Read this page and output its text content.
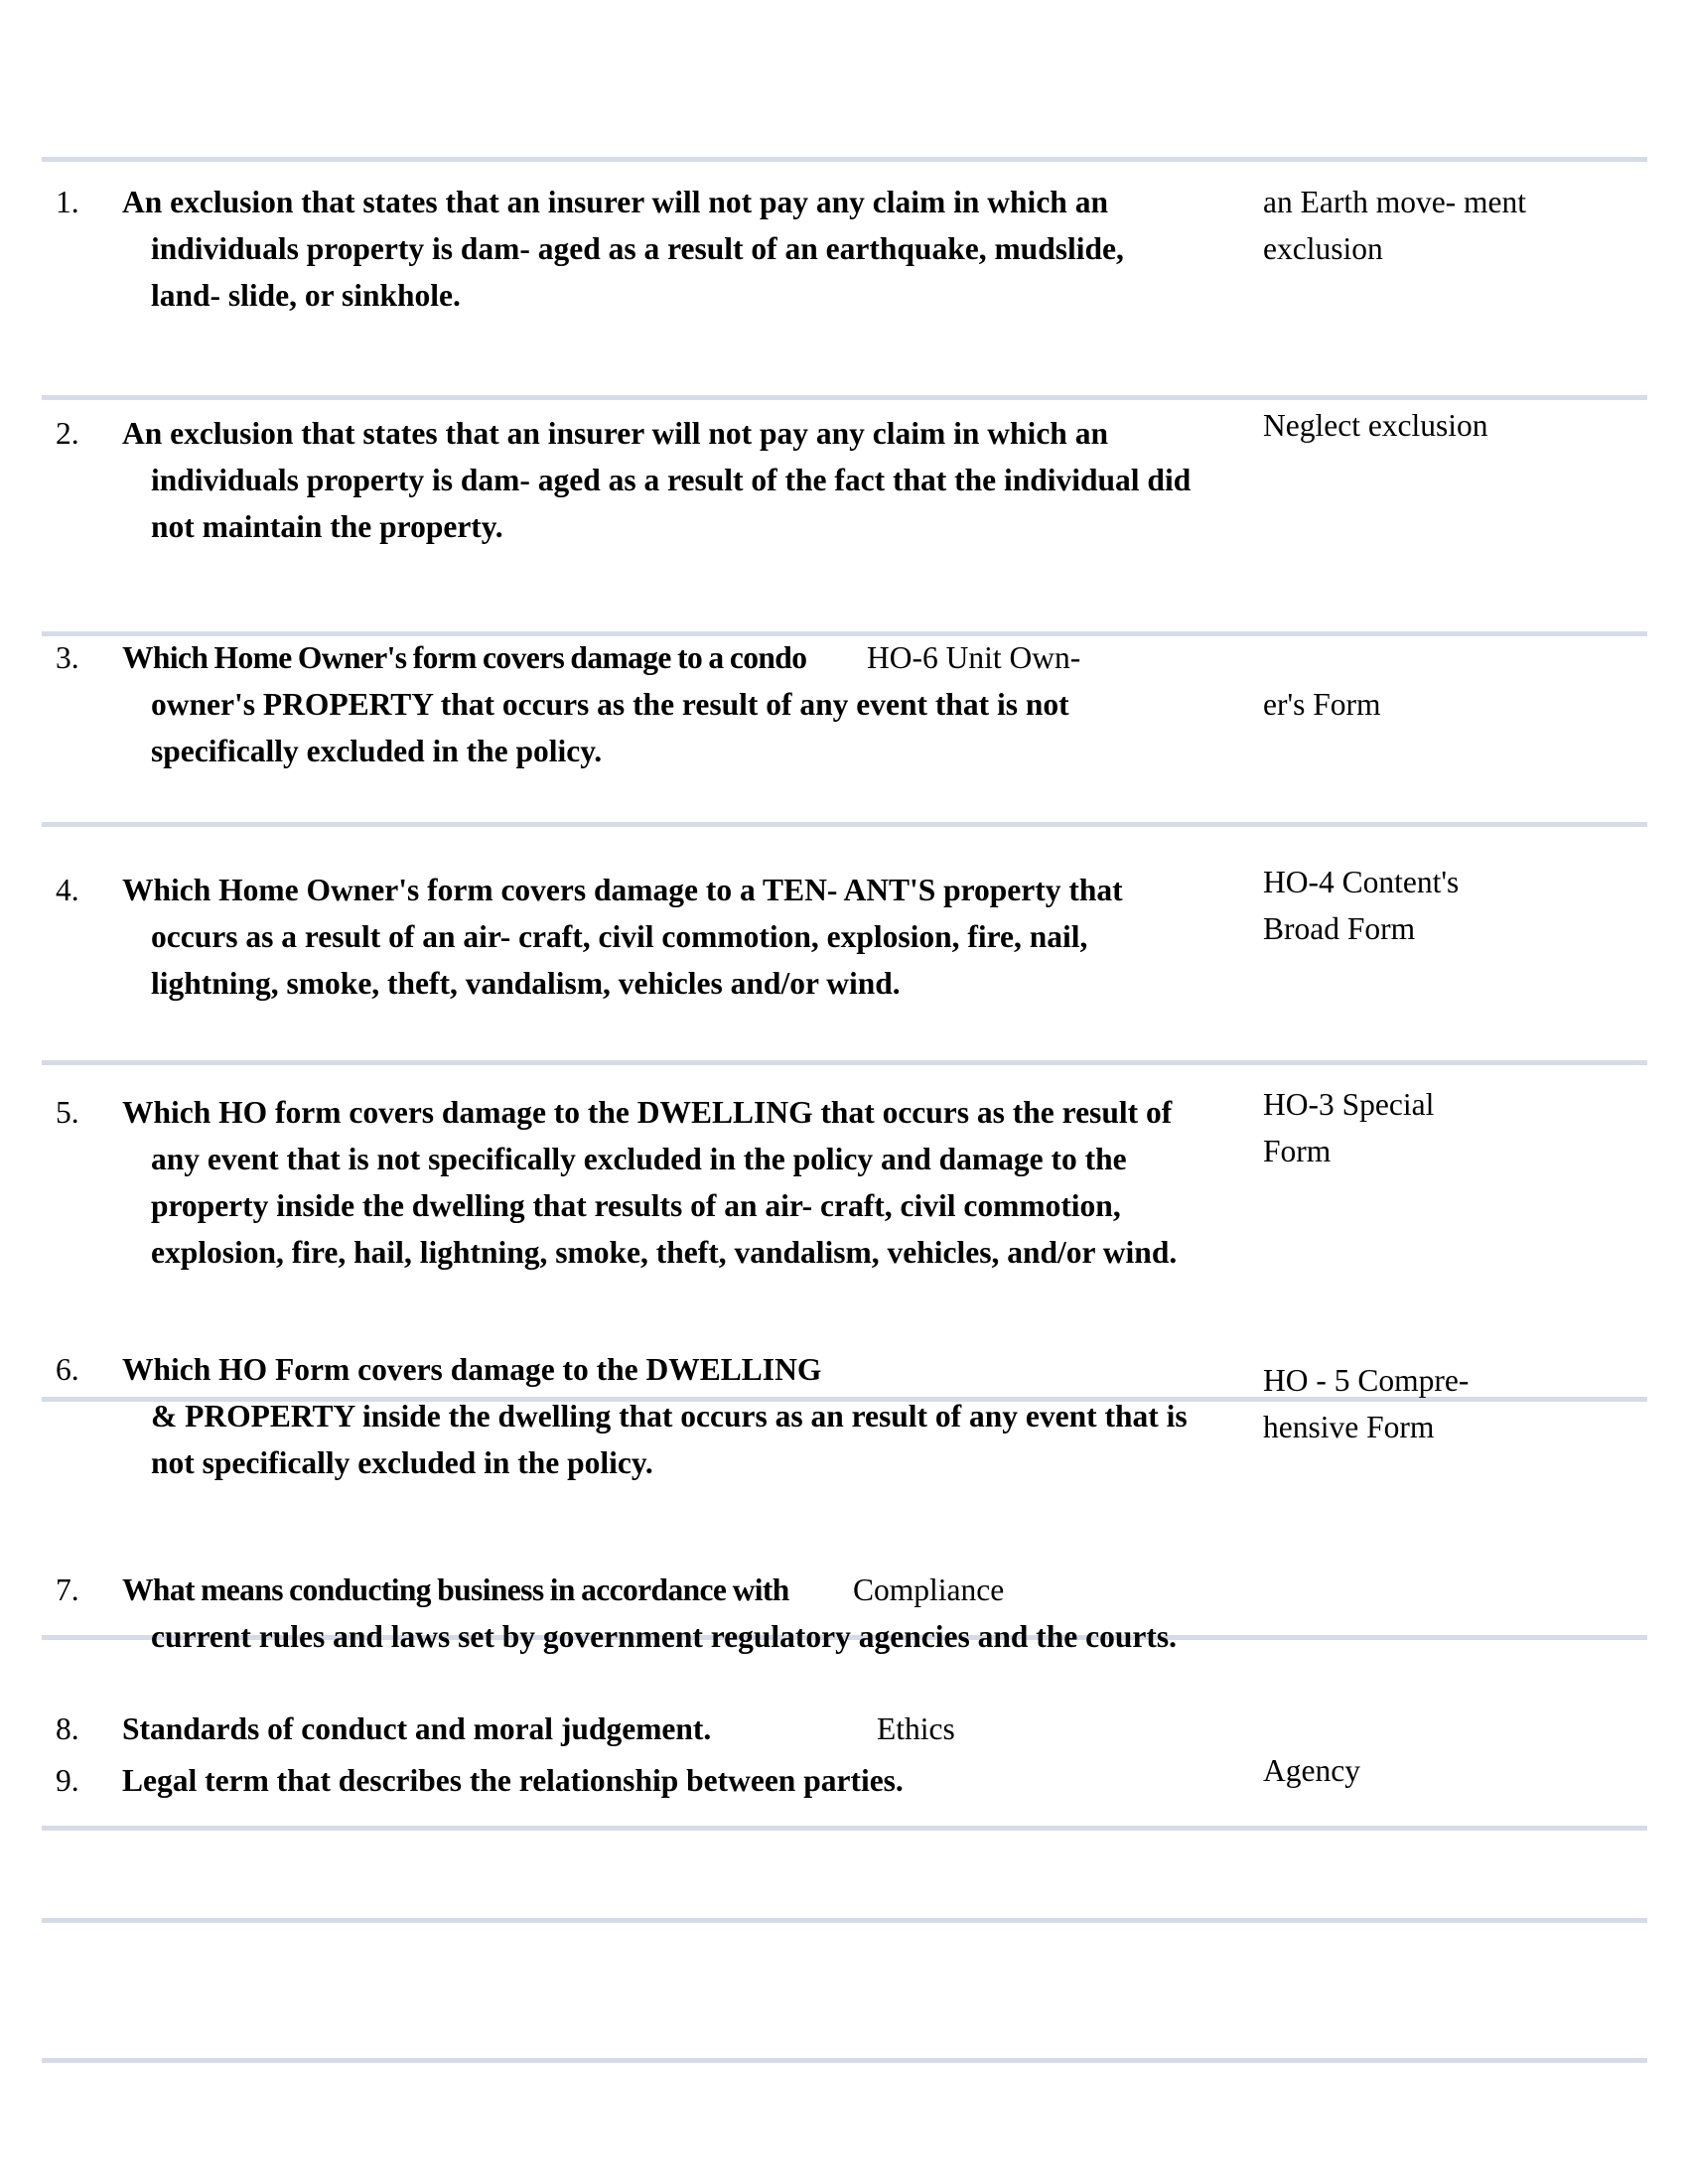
1. An exclusion that states that an insurer will not pay any claim in which an
individuals property is dam- aged as a result of an earthquake, mudslide,
land- slide, or sinkhole.
an Earth move- ment
exclusion
2. An exclusion that states that an insurer will not pay any claim in which an
individuals property is dam- aged as a result of the fact that the individual did
not maintain the property.
Neglect exclusion
3. Which Home Owner's form covers damage to a condo HO-6 Unit Own-
owner's PROPERTY that occurs as the result of any event that is not
specifically excluded in the policy.
er's Form
4. Which Home Owner's form covers damage to a TEN- ANT'S property that
occurs as a result of an air- craft, civil commotion, explosion, fire, nail,
lightning, smoke, theft, vandalism, vehicles and/or wind.
HO-4 Content's
Broad Form
5. Which HO form covers damage to the DWELLING that occurs as the result of
any event that is not specifically excluded in the policy and damage to the
property inside the dwelling that results of an air- craft, civil commotion,
explosion, fire, hail, lightning, smoke, theft, vandalism, vehicles, and/or wind.
HO-3 Special
Form
6. Which HO Form covers damage to the DWELLING
& PROPERTY inside the dwelling that occurs as an result of any event that is
not specifically excluded in the policy.
HO - 5 Compre-
hensive Form
7. What means conducting business in accordance with Compliance
current rules and laws set by government regulatory agencies and the courts.
8. Standards of conduct and moral judgement.	Ethics
9. Legal term that describes the relationship between parties.	Agency
